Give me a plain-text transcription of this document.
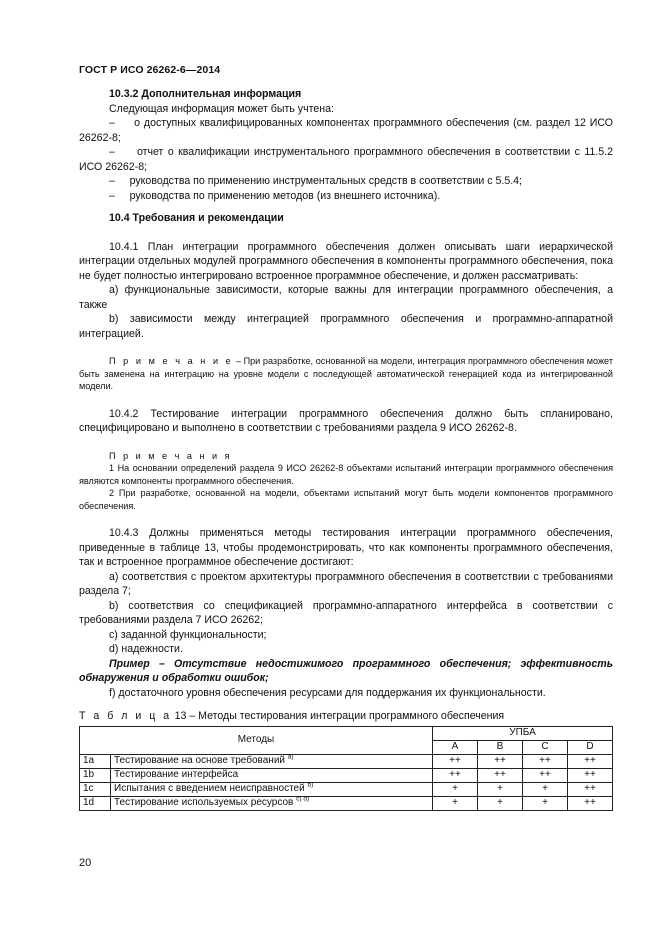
ГОСТ Р ИСО 26262-6—2014

10.3.2 Дополнительная информация

Следующая информация может быть учтена:

–     о доступных квалифицированных компонентах программного обеспечения (см. раздел 12 ИСО 26262-8;

–     отчет о квалификации инструментального программного обеспечения в соответствии с 11.5.2 ИСО 26262-8;

–     руководства по применению инструментальных средств в соответствии с 5.5.4;

–     руководства по применению методов (из внешнего источника).

10.4 Требования и рекомендации

10.4.1 План интеграции программного обеспечения должен описывать шаги иерархической интеграции отдельных модулей программного обеспечения в компоненты программного обеспечения, пока не будет полностью интегрировано встроенное программное обеспечение, и должен рассматривать:

а) функциональные зависимости, которые важны для интеграции программного обеспечения, а также

b) зависимости между интеграцией программного обеспечения и программно-аппаратной интеграцией.

П р и м е ч а н и е – При разработке, основанной на модели, интеграция программного обеспечения может быть заменена на интеграцию на уровне модели с последующей автоматической генерацией кода из интегрированной модели.

10.4.2 Тестирование интеграции программного обеспечения должно быть спланировано, специфицировано и выполнено в соответствии с требованиями раздела 9 ИСО 26262-8.

П р и м е ч а н и я

1 На основании определений раздела 9 ИСО 26262-8 объектами испытаний интеграции программного обеспечения являются компоненты программного обеспечения.

2 При разработке, основанной на модели, объектами испытаний могут быть модели компонентов программного обеспечения.

10.4.3 Должны применяться методы тестирования интеграции программного обеспечения, приведенные в таблице 13, чтобы продемонстрировать, что как компоненты программного обеспечения, так и встроенное программное обеспечение достигают:

а) соответствия с проектом архитектуры программного обеспечения в соответствии с требованиями раздела 7;

b) соответствия со спецификацией программно-аппаратного интерфейса в соответствии с требованиями раздела 7 ИСО 26262;

c) заданной функциональности;

d) надежности.

Пример – Отсутствие недостижимого программного обеспечения; эффективность обнаружения и обработки ошибок;

f) достаточного уровня обеспечения ресурсами для поддержания их функциональности.

Т а б л и ц а 13 – Методы тестирования интеграции программного обеспечения
Методы		УПБА			
		A	B	C	D
1a	Тестирование на основе требований $^{а)}$	++	++	++	++
1b	Тестирование интерфейса	++	++	++	++
1c	Испытания с введением неисправностей $^{b)}$	+	+	+	++
1d	Тестирование используемых ресурсов $^{c) d)}$	+	+	+	++
20
